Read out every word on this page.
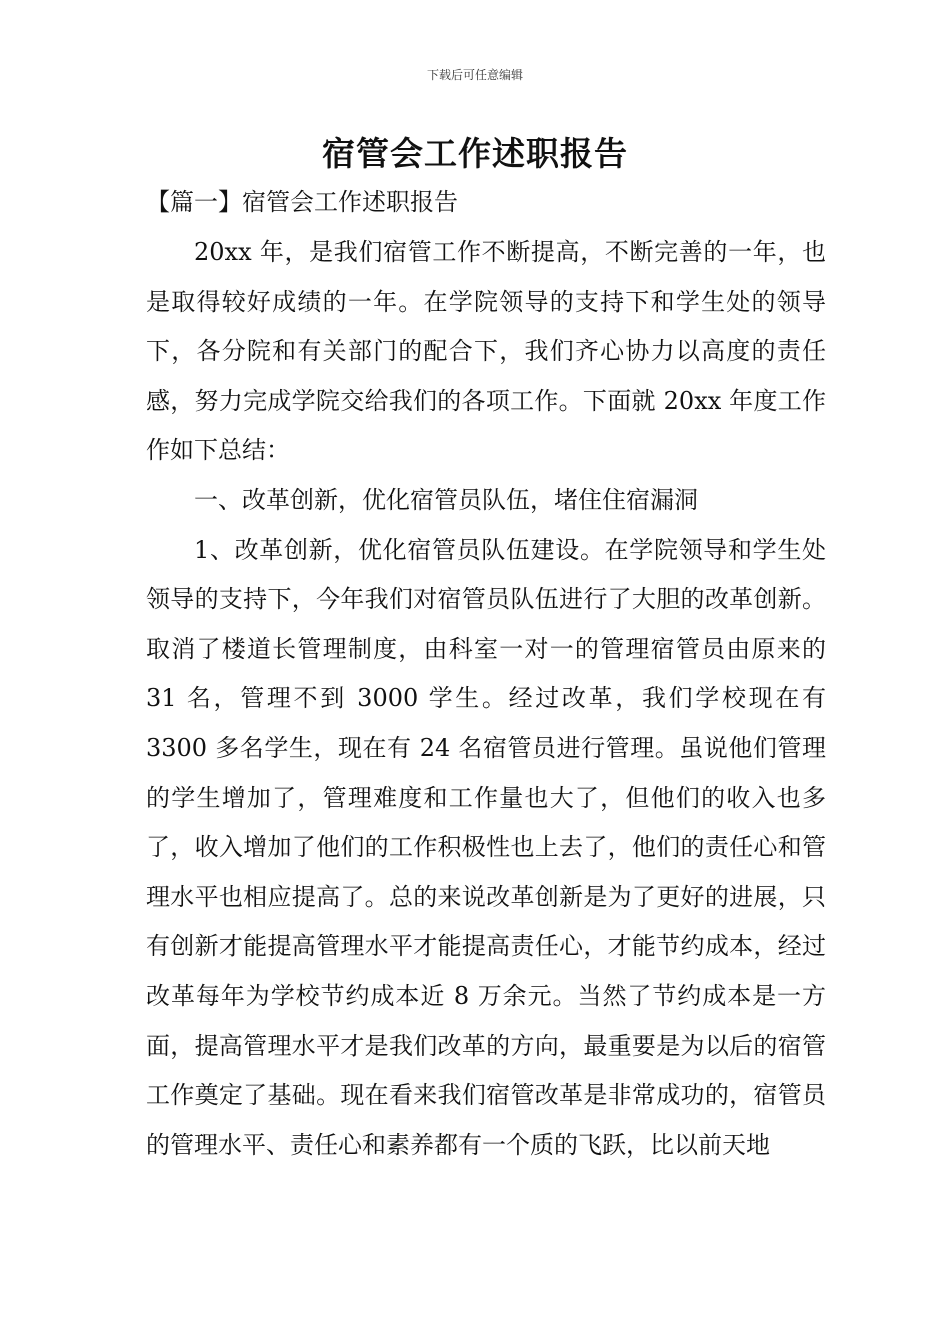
下载后可任意编辑
宿管会工作述职报告
【篇一】宿管会工作述职报告

20xx 年，是我们宿管工作不断提高，不断完善的一年，也是取得较好成绩的一年。在学院领导的支持下和学生处的领导下，各分院和有关部门的配合下，我们齐心协力以高度的责任感，努力完成学院交给我们的各项工作。下面就 20xx 年度工作作如下总结：

一、改革创新，优化宿管员队伍，堵住住宿漏洞

1、改革创新，优化宿管员队伍建设。在学院领导和学生处领导的支持下，今年我们对宿管员队伍进行了大胆的改革创新。取消了楼道长管理制度，由科室一对一的管理宿管员由原来的 31 名，管理不到 3000 学生。经过改革，我们学校现在有 3300 多名学生，现在有 24 名宿管员进行管理。虽说他们管理的学生增加了，管理难度和工作量也大了，但他们的收入也多了，收入增加了他们的工作积极性也上去了，他们的责任心和管理水平也相应提高了。总的来说改革创新是为了更好的进展，只有创新才能提高管理水平才能提高责任心，才能节约成本，经过改革每年为学校节约成本近 8 万余元。当然了节约成本是一方面，提高管理水平才是我们改革的方向，最重要是为以后的宿管工作奠定了基础。现在看来我们宿管改革是非常成功的，宿管员的管理水平、责任心和素养都有一个质的飞跃，比以前天地
